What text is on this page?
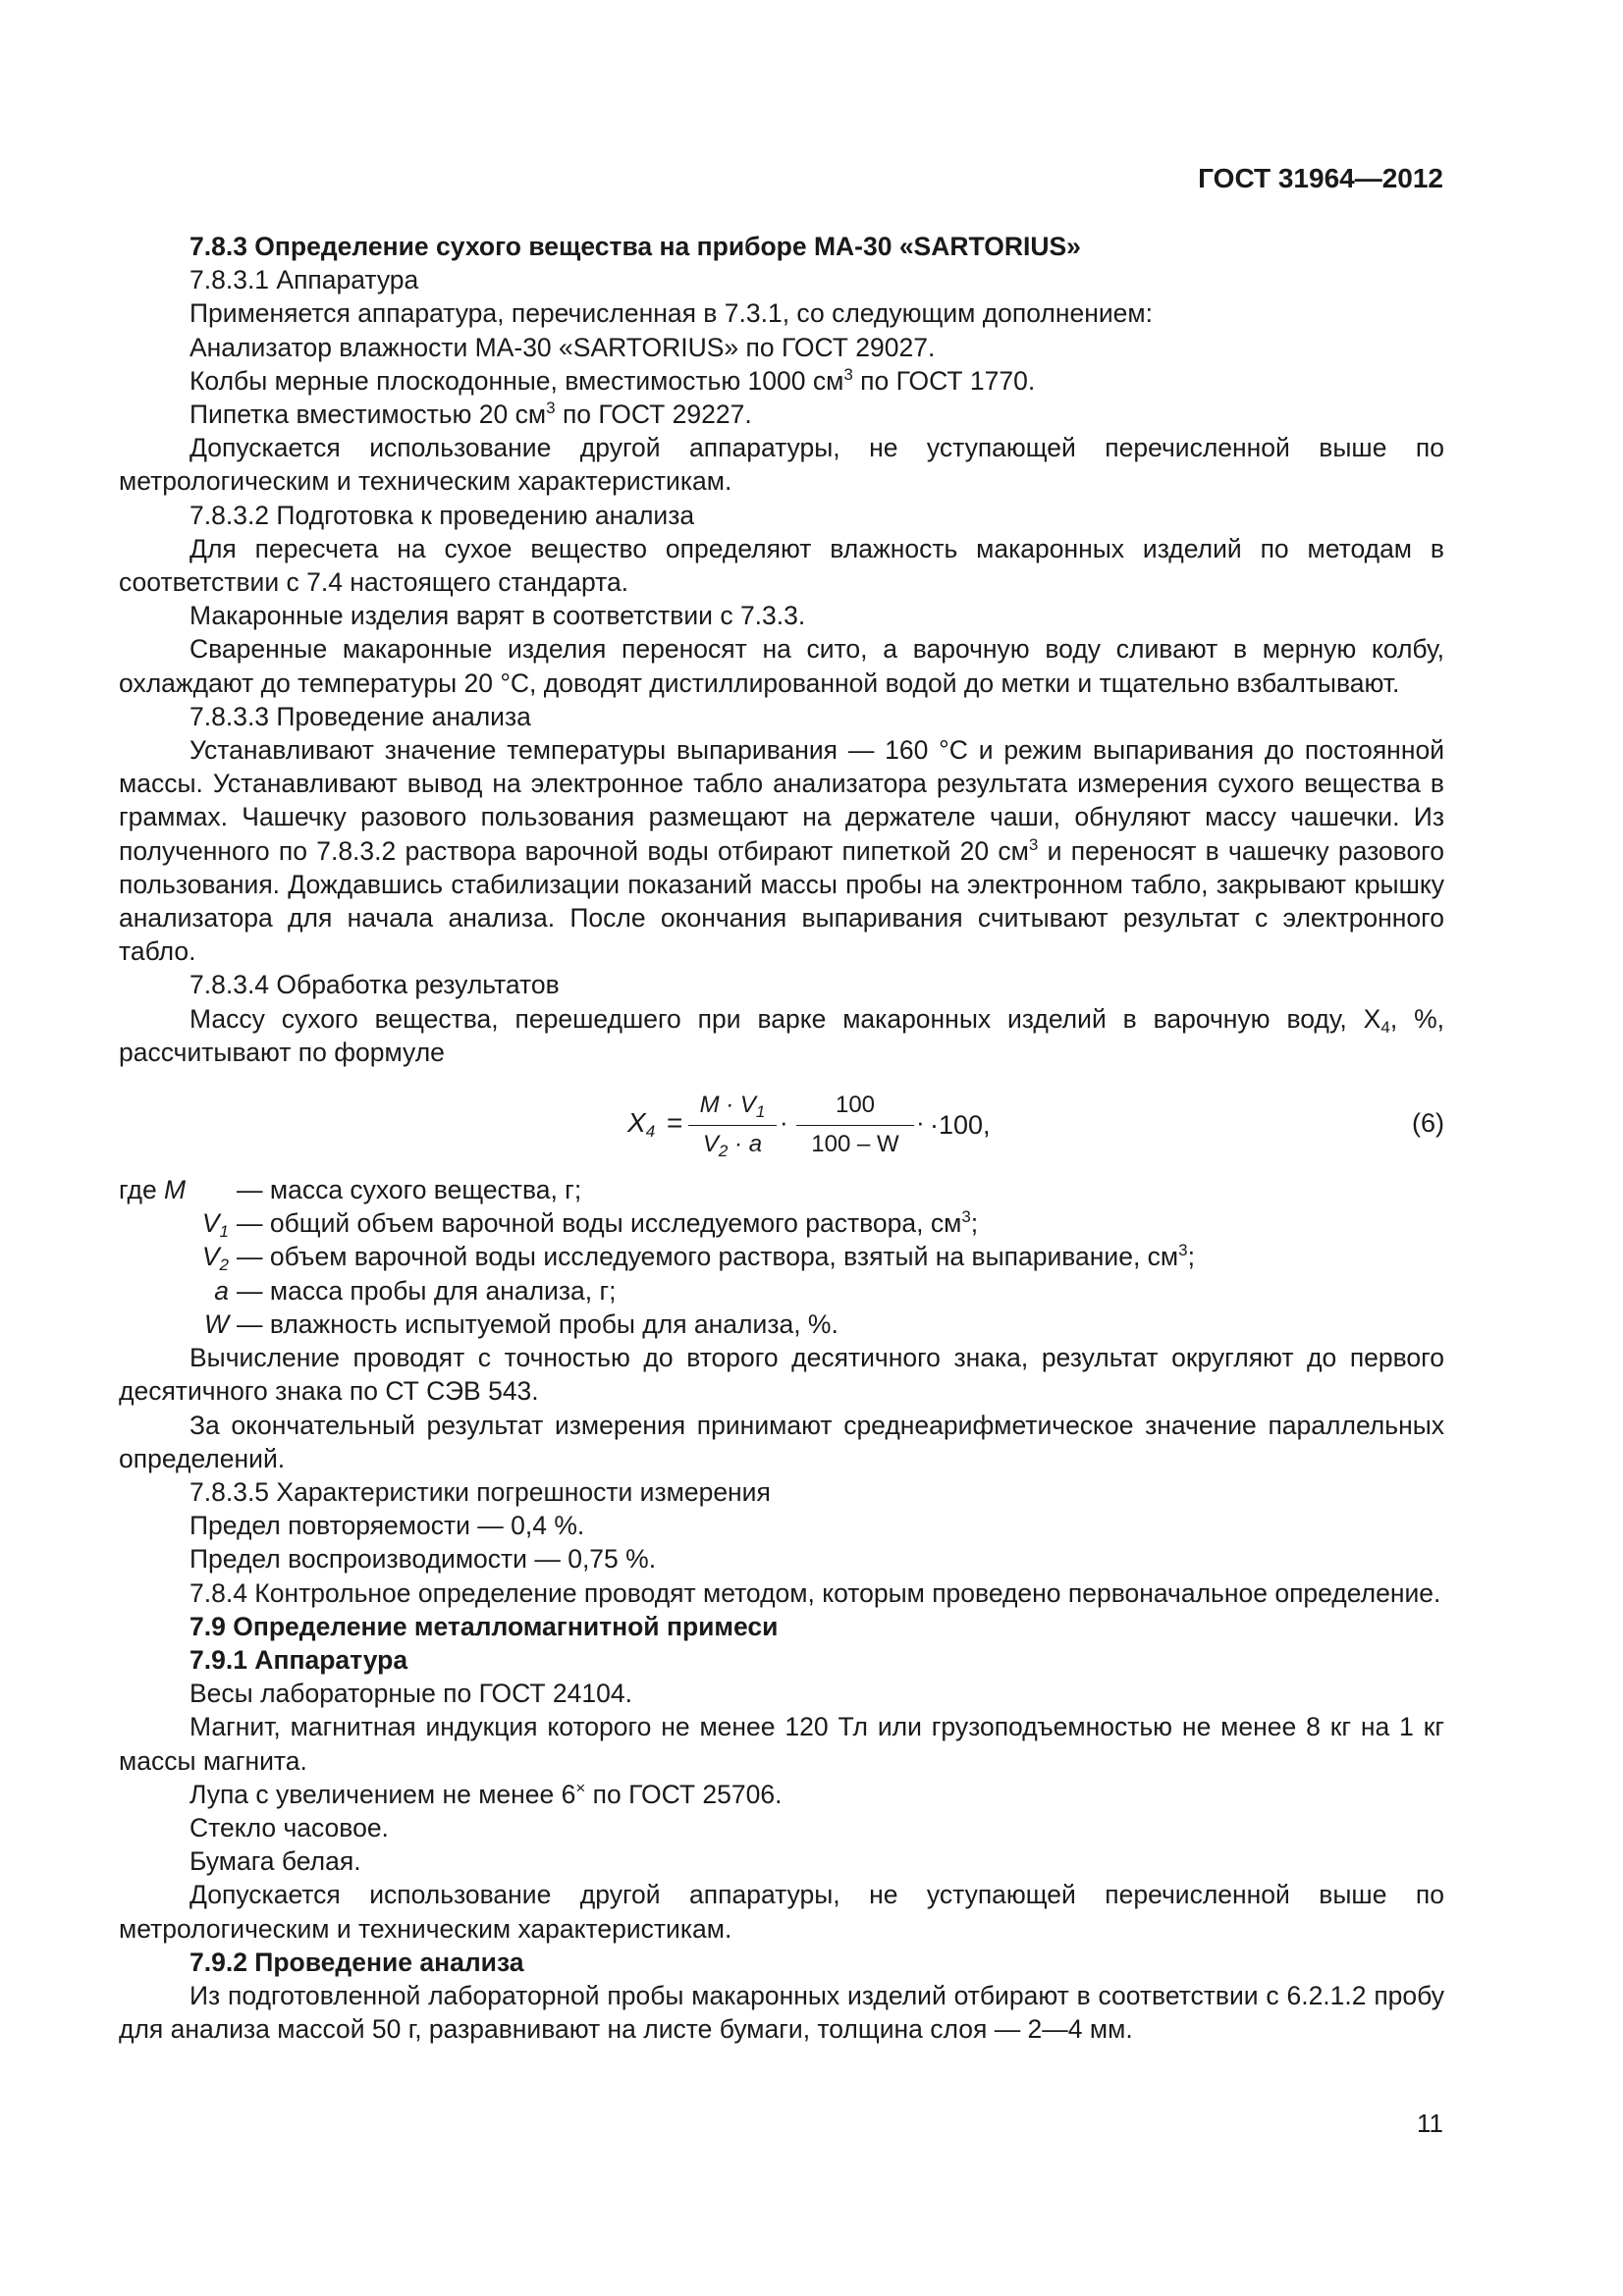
ГОСТ 31964—2012

7.8.3 Определение сухого вещества на приборе МА-30 «SARTORIUS»

7.8.3.1 Аппаратура

Применяется аппаратура, перечисленная в 7.3.1, со следующим дополнением:

Анализатор влажности МА-30 «SARTORIUS» по ГОСТ 29027.

Колбы мерные плоскодонные, вместимостью 1000 $см^3$ по ГОСТ 1770.

Пипетка вместимостью 20 $см^3$ по ГОСТ 29227.

Допускается использование другой аппаратуры, не уступающей перечисленной выше по метрологическим и техническим характеристикам.

7.8.3.2 Подготовка к проведению анализа

Для пересчета на сухое вещество определяют влажность макаронных изделий по методам в соответствии с 7.4 настоящего стандарта.

Макаронные изделия варят в соответствии с 7.3.3.

Сваренные макаронные изделия переносят на сито, а варочную воду сливают в мерную колбу, охлаждают до температуры 20 °С, доводят дистиллированной водой до метки и тщательно взбалтывают.

7.8.3.3 Проведение анализа

Устанавливают значение температуры выпаривания — 160 °С и режим выпаривания до постоянной массы. Устанавливают вывод на электронное табло анализатора результата измерения сухого вещества в граммах. Чашечку разового пользования размещают на держателе чаши, обнуляют массу чашечки. Из полученного по 7.8.3.2 раствора варочной воды отбирают пипеткой 20 $см^3$ и переносят в чашечку разового пользования. Дождавшись стабилизации показаний массы пробы на электронном табло, закрывают крышку анализатора для начала анализа. После окончания выпаривания считывают результат с электронного табло.

7.8.3.4 Обработка результатов

Массу сухого вещества, перешедшего при варке макаронных изделий в варочную воду, $Х_4$, %, рассчитывают по формуле

$X_4 = \frac{M \cdot V_1}{V_2 \cdot a} \cdot \frac{100}{100 - W} \cdot \cdot 100$,	(6)
где M	— масса сухого вещества, г;
$V_1$ — общий объем варочной воды исследуемого раствора, $см^3$;
$V_2$ — объем варочной воды исследуемого раствора, взятый на выпаривание, $см^3$;
a — масса пробы для анализа, г;
W — влажность испытуемой пробы для анализа, %.

Вычисление проводят с точностью до второго десятичного знака, результат округляют до первого десятичного знака по СТ СЭВ 543.

За окончательный результат измерения принимают среднеарифметическое значение параллельных определений.

7.8.3.5 Характеристики погрешности измерения

Предел повторяемости — 0,4 %.

Предел воспроизводимости — 0,75 %.

7.8.4 Контрольное определение проводят методом, которым проведено первоначальное определение.

7.9 Определение металломагнитной примеси

7.9.1 Аппаратура

Весы лабораторные по ГОСТ 24104.

Магнит, магнитная индукция которого не менее 120 Тл или грузоподъемностью не менее 8 кг на 1 кг массы магнита.

Лупа с увеличением не менее 6× по ГОСТ 25706.

Стекло часовое.

Бумага белая.

Допускается использование другой аппаратуры, не уступающей перечисленной выше по метрологическим и техническим характеристикам.

7.9.2 Проведение анализа

Из подготовленной лабораторной пробы макаронных изделий отбирают в соответствии с 6.2.1.2 пробу для анализа массой 50 г, разравнивают на листе бумаги, толщина слоя — 2—4 мм.

11
